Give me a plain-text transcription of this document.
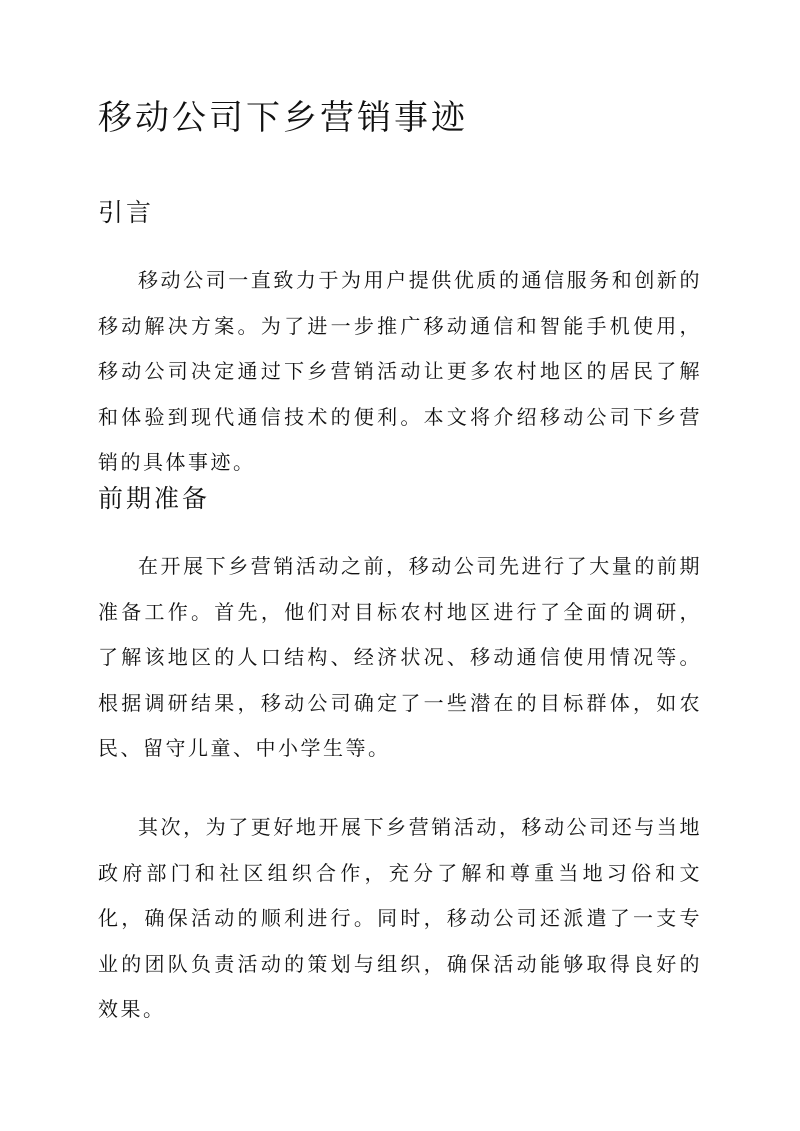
移动公司下乡营销事迹
引言

移动公司一直致力于为用户提供优质的通信服务和创新的移动解决方案。为了进一步推广移动通信和智能手机使用，移动公司决定通过下乡营销活动让更多农村地区的居民了解和体验到现代通信技术的便利。本文将介绍移动公司下乡营销的具体事迹。

前期准备

在开展下乡营销活动之前，移动公司先进行了大量的前期准备工作。首先，他们对目标农村地区进行了全面的调研，了解该地区的人口结构、经济状况、移动通信使用情况等。根据调研结果，移动公司确定了一些潜在的目标群体，如农民、留守儿童、中小学生等。

其次，为了更好地开展下乡营销活动，移动公司还与当地政府部门和社区组织合作，充分了解和尊重当地习俗和文化，确保活动的顺利进行。同时，移动公司还派遣了一支专业的团队负责活动的策划与组织，确保活动能够取得良好的效果。
